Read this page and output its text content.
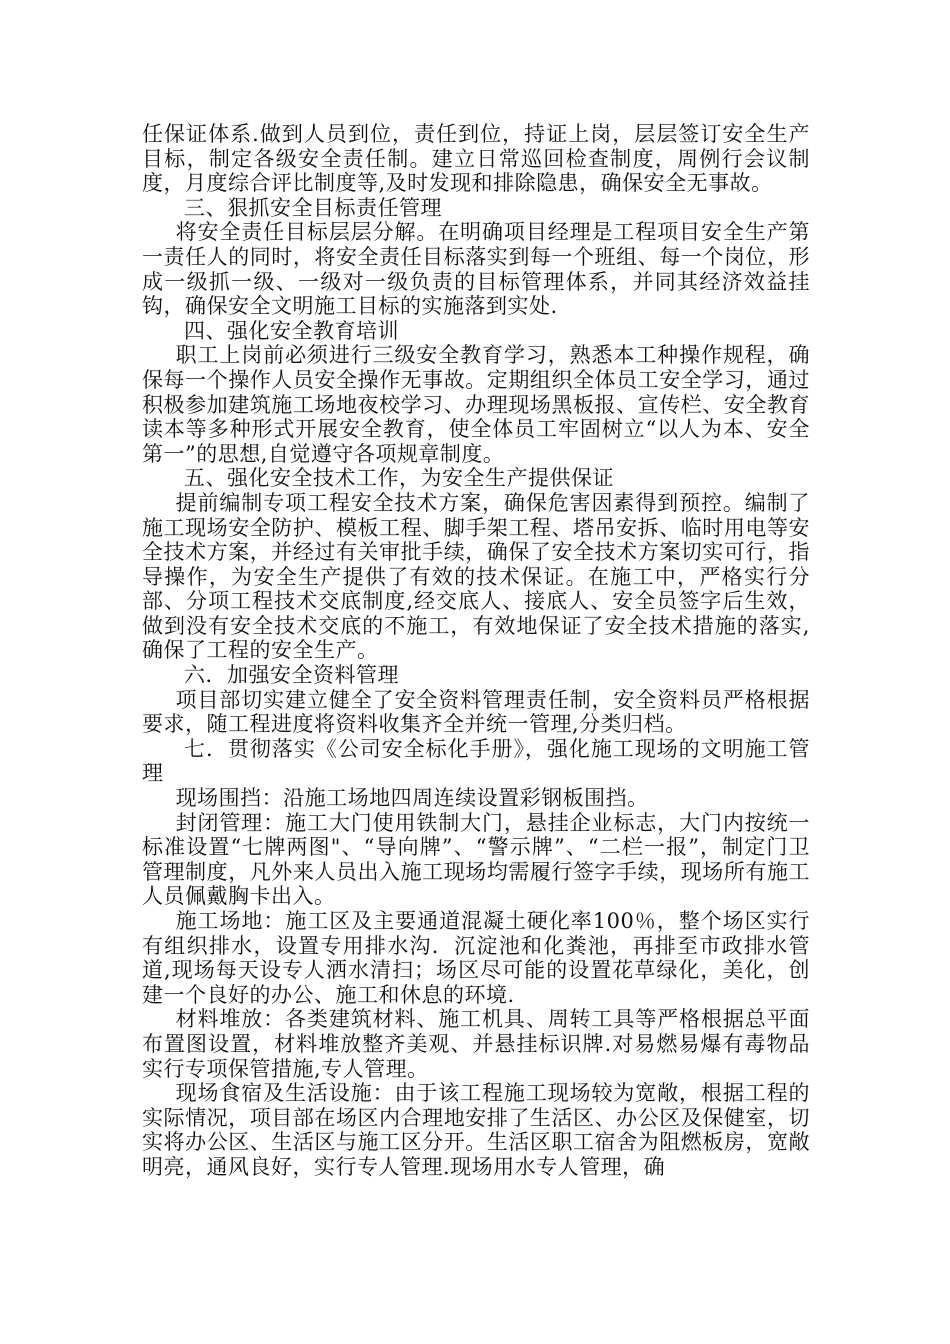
任保证体系.做到人员到位，责任到位，持证上岗，层层签订安全生产目标，制定各级安全责任制。建立日常巡回检查制度，周例行会议制度，月度综合评比制度等,及时发现和排除隐患，确保安全无事故。

三、狠抓安全目标责任管理

将安全责任目标层层分解。在明确项目经理是工程项目安全生产第一责任人的同时，将安全责任目标落实到每一个班组、每一个岗位，形成一级抓一级、一级对一级负责的目标管理体系，并同其经济效益挂钩，确保安全文明施工目标的实施落到实处.

四、强化安全教育培训

职工上岗前必须进行三级安全教育学习，熟悉本工种操作规程，确保每一个操作人员安全操作无事故。定期组织全体员工安全学习，通过积极参加建筑施工场地夜校学习、办理现场黑板报、宣传栏、安全教育读本等多种形式开展安全教育，使全体员工牢固树立“以人为本、安全第一”的思想,自觉遵守各项规章制度。

五、强化安全技术工作，为安全生产提供保证

提前编制专项工程安全技术方案，确保危害因素得到预控。编制了施工现场安全防护、模板工程、脚手架工程、塔吊安拆、临时用电等安全技术方案，并经过有关审批手续，确保了安全技术方案切实可行，指导操作，为安全生产提供了有效的技术保证。在施工中，严格实行分部、分项工程技术交底制度,经交底人、接底人、安全员签字后生效，做到没有安全技术交底的不施工，有效地保证了安全技术措施的落实,确保了工程的安全生产。

六．加强安全资料管理

项目部切实建立健全了安全资料管理责任制，安全资料员严格根据要求，随工程进度将资料收集齐全并统一管理,分类归档。

七．贯彻落实《公司安全标化手册》，强化施工现场的文明施工管理

现场围挡：沿施工场地四周连续设置彩钢板围挡。

封闭管理：施工大门使用铁制大门，悬挂企业标志，大门内按统一标准设置“七牌两图"、“导向牌”、“警示牌”、“二栏一报”，制定门卫管理制度，凡外来人员出入施工现场均需履行签字手续，现场所有施工人员佩戴胸卡出入。

施工场地：施工区及主要通道混凝土硬化率100％，整个场区实行有组织排水，设置专用排水沟．沉淀池和化粪池，再排至市政排水管道,现场每天设专人洒水清扫；场区尽可能的设置花草绿化，美化，创建一个良好的办公、施工和休息的环境.

材料堆放：各类建筑材料、施工机具、周转工具等严格根据总平面布置图设置，材料堆放整齐美观、并悬挂标识牌.对易燃易爆有毒物品实行专项保管措施,专人管理。

现场食宿及生活设施：由于该工程施工现场较为宽敞，根据工程的实际情况，项目部在场区内合理地安排了生活区、办公区及保健室，切实将办公区、生活区与施工区分开。生活区职工宿舍为阻燃板房，宽敞明亮，通风良好，实行专人管理.现场用水专人管理，确
